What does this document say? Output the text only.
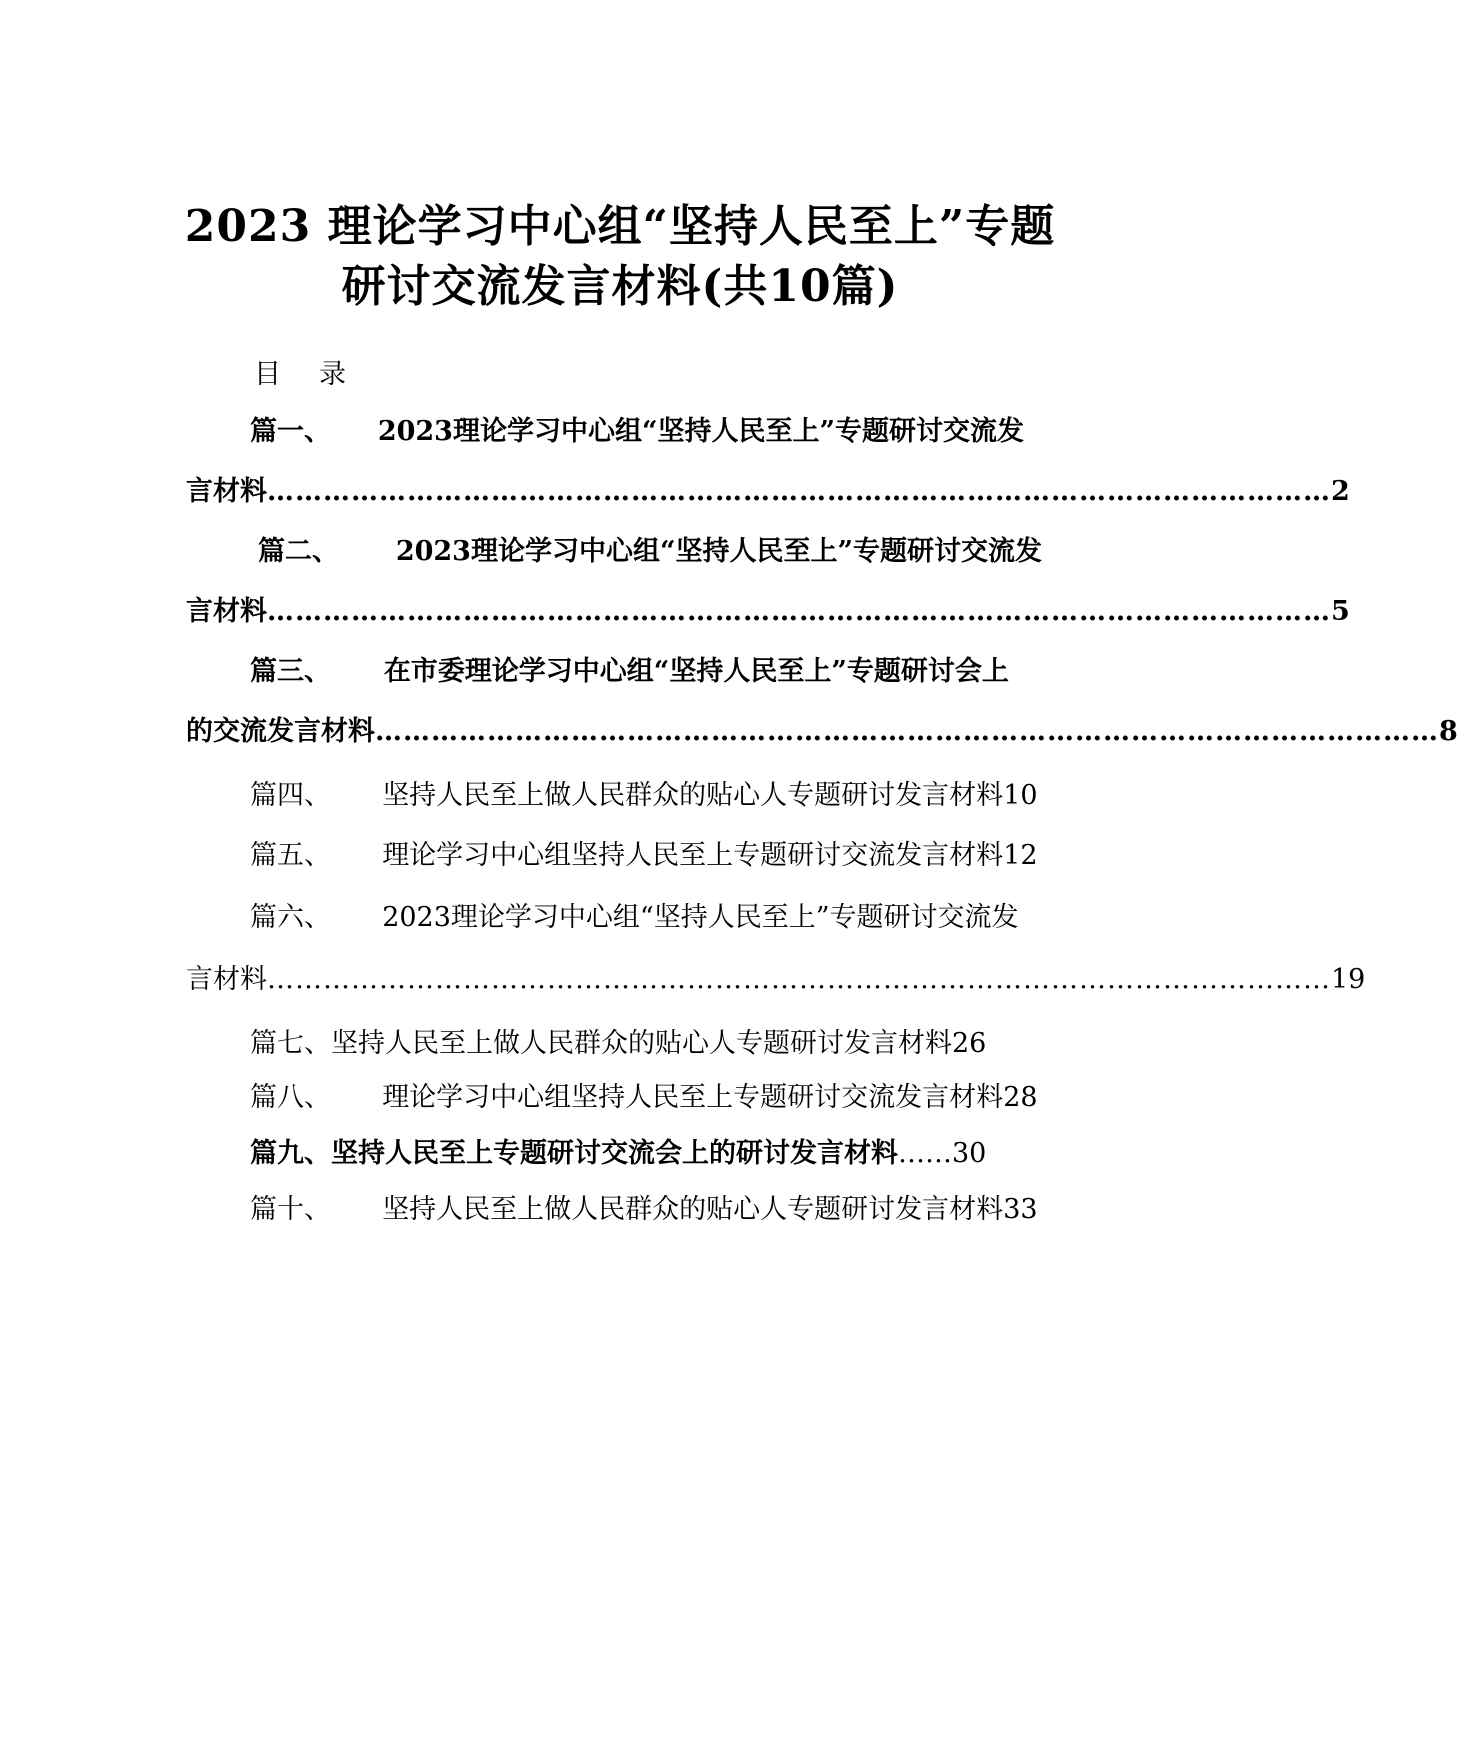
2023 理论学习中心组“坚持人民至上”专题
研讨交流发言材料(共10篇)
目 录
篇一、 2023理论学习中心组“坚持人民至上”专题研讨交流发
言材料 …………………………………………………………………………………………………… 2
篇二、 2023理论学习中心组“坚持人民至上”专题研讨交流发
言材料 …………………………………………………………………………………………………… 5
篇三、 在市委理论学习中心组“坚持人民至上”专题研讨会上
的交流发言材料 …………………………………………………………………………………………………… 8
篇四、 坚持人民至上做人民群众的贴心人专题研讨发言材料10
篇五、 理论学习中心组坚持人民至上专题研讨交流发言材料12
篇六、 2023理论学习中心组“坚持人民至上”专题研讨交流发
言材料 …………………………………………………………………………………………………… 19
篇七、坚持人民至上做人民群众的贴心人专题研讨发言材料26
篇八、 理论学习中心组坚持人民至上专题研讨交流发言材料28
篇九、坚持人民至上专题研讨交流会上的研讨发言材料……30
篇十、 坚持人民至上做人民群众的贴心人专题研讨发言材料33
